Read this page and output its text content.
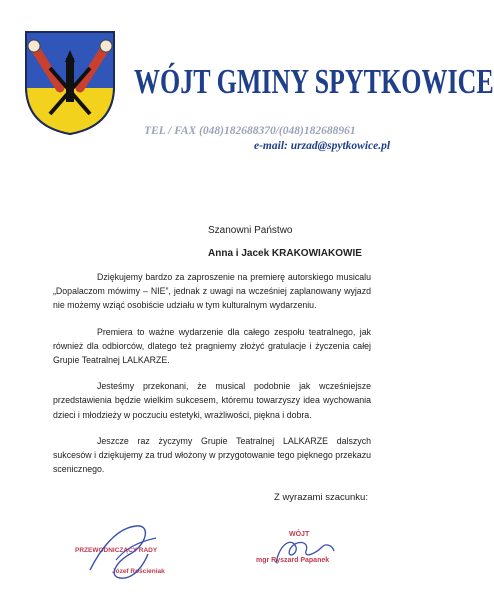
WÓJT GMINY SPYTKOWICE
TEL / FAX (048)182688370/(048)182688961
e-mail: urzad@spytkowice.pl
Szanowni Państwo
Anna i Jacek KRAKOWIAKOWIE

Dziękujemy bardzo za zaproszenie na premierę autorskiego musicalu „Dopalaczom mówimy – NIE”, jednak z uwagi na wcześniej zaplanowany wyjazd nie możemy wziąć osobiście udziału w tym kulturalnym wydarzeniu.

Premiera to ważne wydarzenie dla całego zespołu teatralnego, jak również dla odbiorców, dlatego też pragniemy złożyć gratulacje i życzenia całej Grupie Teatralnej LALKARZE.

Jesteśmy przekonani, że musical podobnie jak wcześniejsze przedstawienia będzie wielkim sukcesem, któremu towarzyszy idea wychowania dzieci i młodzieży w poczuciu estetyki, wrażliwości, piękna i dobra.

Jeszcze raz życzymy Grupie Teatralnej LALKARZE dalszych sukcesów i dziękujemy za trud włożony w przygotowanie tego pięknego przekazu scenicznego.

Z wyrazami szacunku:
PRZEWODNICZĄCY RADY
Józef Rościeniak
WÓJT
mgr Ryszard Papanek
